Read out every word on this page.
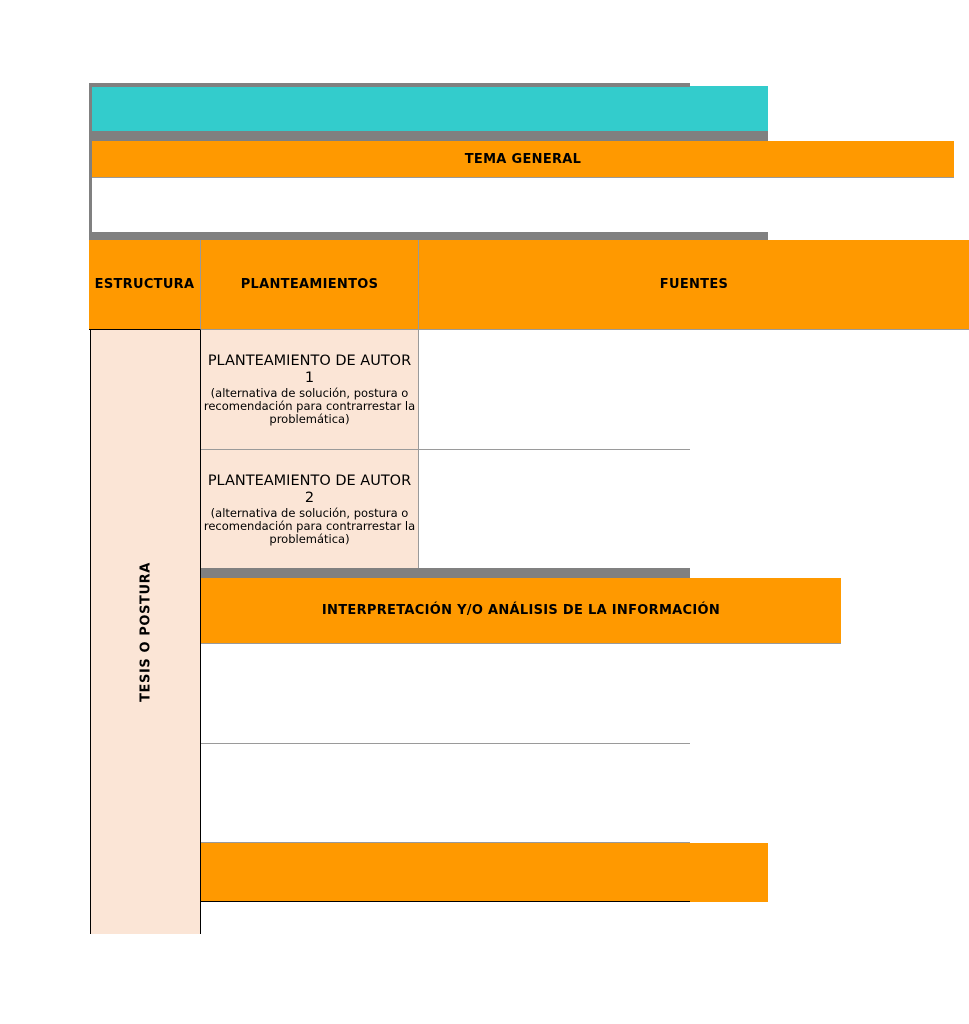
TEMA GENERAL
ESTRUCTURA	PLANTEAMIENTOS	FUENTES
TESIS O POSTURA
PLANTEAMIENTO DE AUTOR 1
(alternativa de solución, postura o recomendación para contrarrestar la problemática)
PLANTEAMIENTO DE AUTOR 2
(alternativa de solución, postura o recomendación para contrarrestar la problemática)
INTERPRETACIÓN Y/O ANÁLISIS DE LA INFORMACIÓN
